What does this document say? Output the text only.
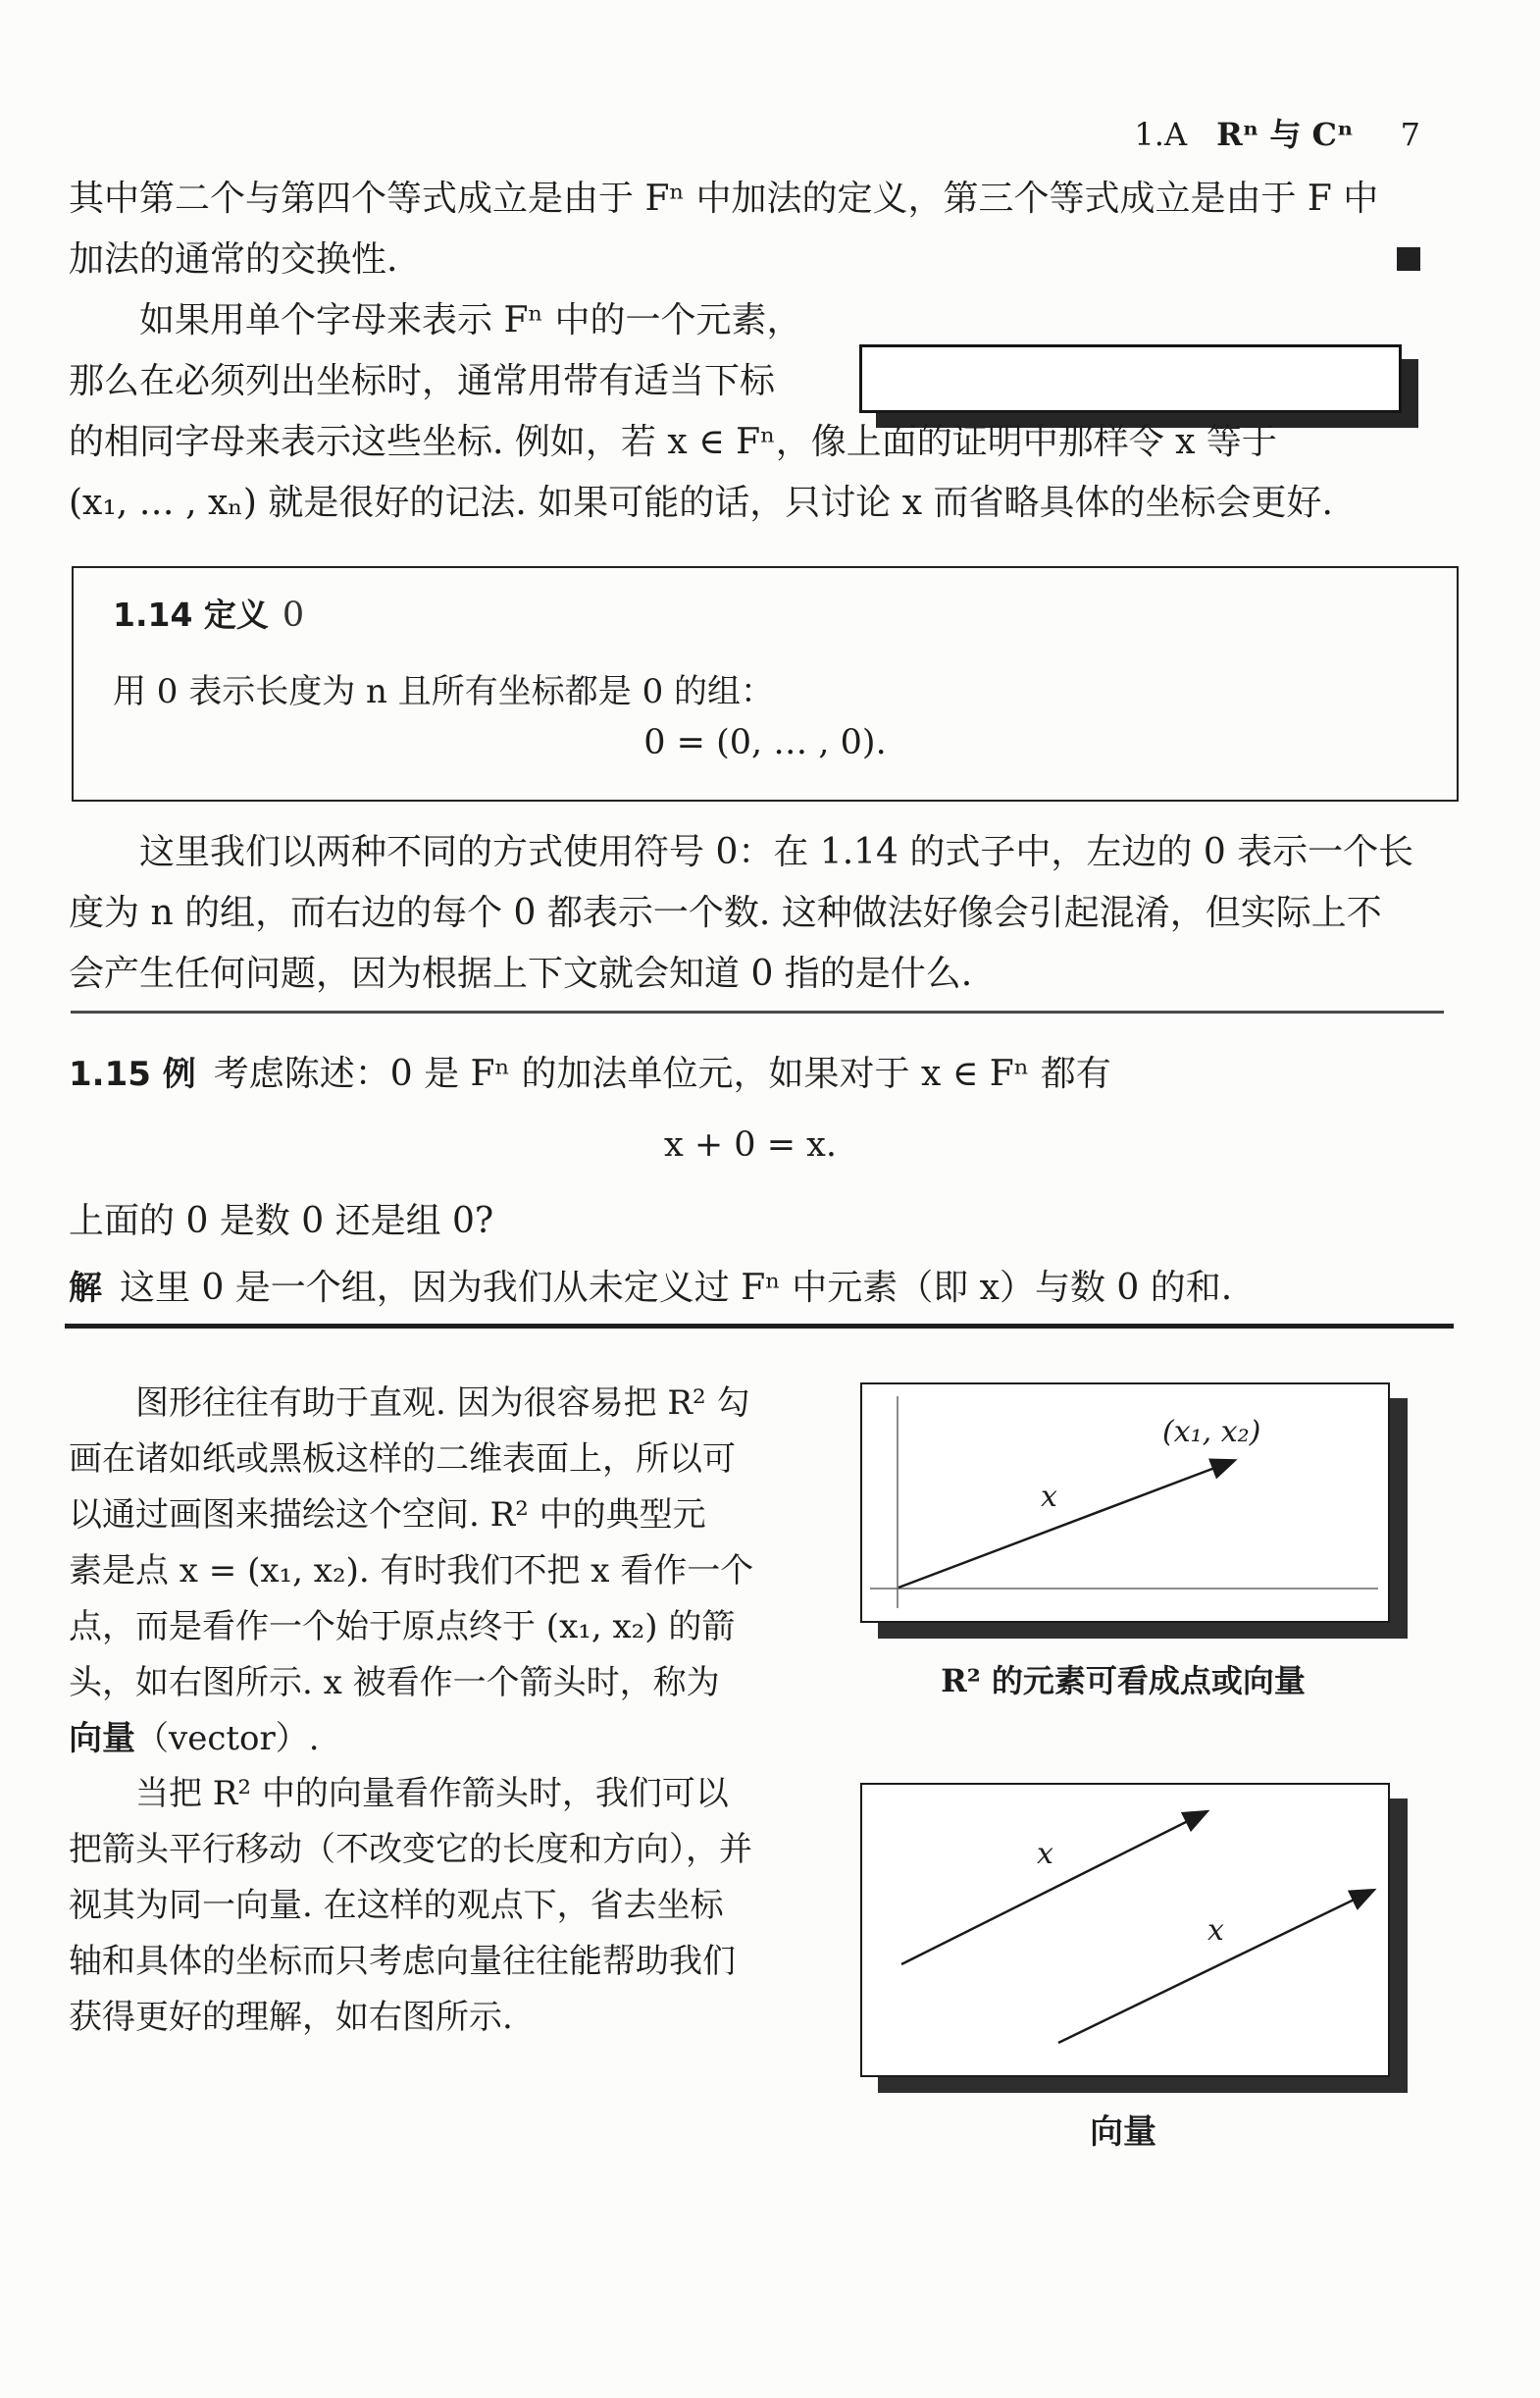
1.A Rⁿ 与 Cⁿ 7
其中第二个与第四个等式成立是由于 Fⁿ 中加法的定义，第三个等式成立是由于 F 中
加法的通常的交换性.
如果用单个字母来表示 Fⁿ 中的一个元素，
那么在必须列出坐标时，通常用带有适当下标
的相同字母来表示这些坐标. 例如，若 x ∈ Fⁿ，像上面的证明中那样令 x 等于
(x₁, … , xₙ) 就是很好的记法. 如果可能的话，只讨论 x 而省略具体的坐标会更好.
1.14 定义 0
用 0 表示长度为 n 且所有坐标都是 0 的组：
0 = (0, … , 0).
这里我们以两种不同的方式使用符号 0：在 1.14 的式子中，左边的 0 表示一个长
度为 n 的组，而右边的每个 0 都表示一个数. 这种做法好像会引起混淆，但实际上不
会产生任何问题，因为根据上下文就会知道 0 指的是什么.
1.15 例 考虑陈述：0 是 Fⁿ 的加法单位元，如果对于 x ∈ Fⁿ 都有
x + 0 = x.
上面的 0 是数 0 还是组 0?
解 这里 0 是一个组，因为我们从未定义过 Fⁿ 中元素（即 x）与数 0 的和.
图形往往有助于直观. 因为很容易把 R² 勾
画在诸如纸或黑板这样的二维表面上，所以可
以通过画图来描绘这个空间. R² 中的典型元
素是点 x = (x₁, x₂). 有时我们不把 x 看作一个
点，而是看作一个始于原点终于 (x₁, x₂) 的箭
头，如右图所示. x 被看作一个箭头时，称为
向量（vector）.
当把 R² 中的向量看作箭头时，我们可以
把箭头平行移动（不改变它的长度和方向），并
视其为同一向量. 在这样的观点下，省去坐标
轴和具体的坐标而只考虑向量往往能帮助我们
获得更好的理解，如右图所示.
x
(x₁, x₂)
R² 的元素可看成点或向量
x
x
向量
